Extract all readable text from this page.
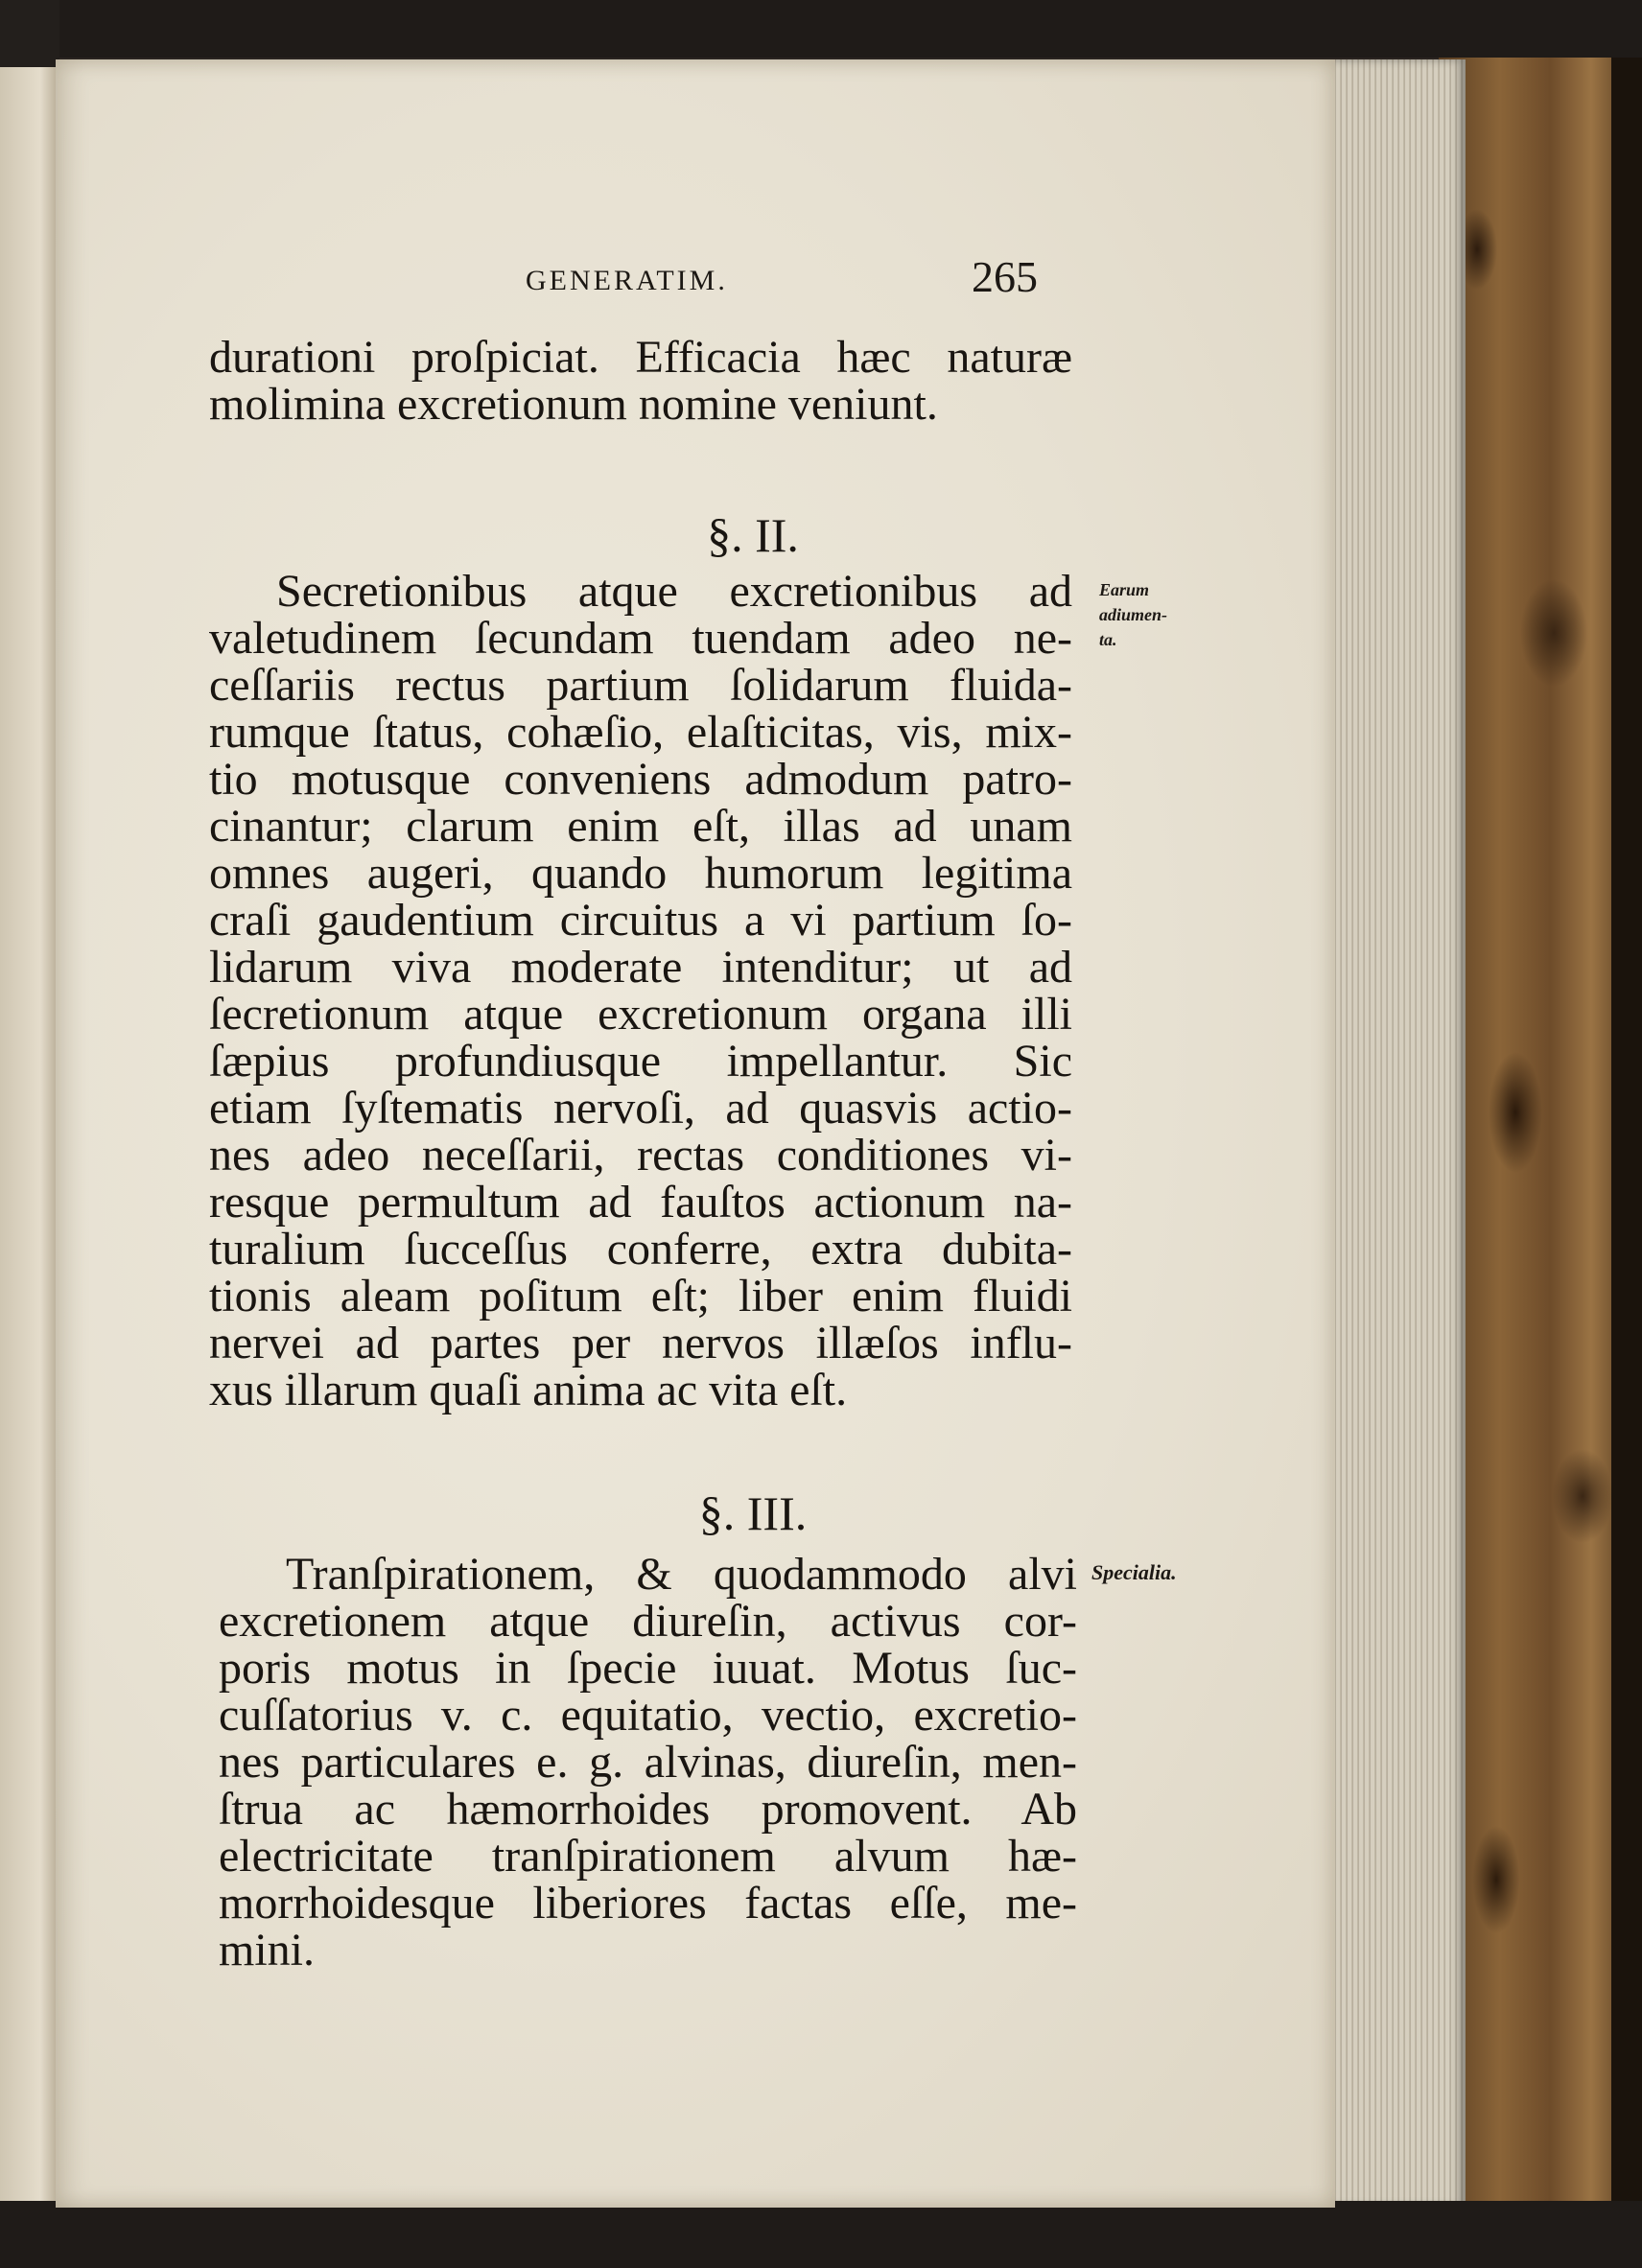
GENERATIM.	265
durationi proſpiciat. Efficacia hæc naturæ
molimina excretionum nomine veniunt.
§. II.
Secretionibus atque excretionibus ad
valetudinem ſecundam tuendam adeo ne-
ceſſariis rectus partium ſolidarum fluida-
rumque ſtatus, cohæſio, elaſticitas, vis, mix-
tio motusque conveniens admodum patro-
cinantur; clarum enim eſt, illas ad unam
omnes augeri, quando humorum legitima
craſi gaudentium circuitus a vi partium ſo-
lidarum viva moderate intenditur; ut ad
ſecretionum atque excretionum organa illi
ſæpius profundiusque impellantur. Sic
etiam ſyſtematis nervoſi, ad quasvis actio-
nes adeo neceſſarii, rectas conditiones vi-
resque permultum ad fauſtos actionum na-
turalium ſucceſſus conferre, extra dubita-
tionis aleam poſitum eſt; liber enim fluidi
nervei ad partes per nervos illæſos influ-
xus illarum quaſi anima ac vita eſt.
Earum
adiumen-
ta.
§. III.
Tranſpirationem, & quodammodo alvi
excretionem atque diureſin, activus cor-
poris motus in ſpecie iuuat. Motus ſuc-
cuſſatorius v. c. equitatio, vectio, excretio-
nes particulares e. g. alvinas, diureſin, men-
ſtrua ac hæmorrhoides promovent. Ab
electricitate tranſpirationem alvum hæ-
morrhoidesque liberiores factas eſſe, me-
mini.
Specialia.
